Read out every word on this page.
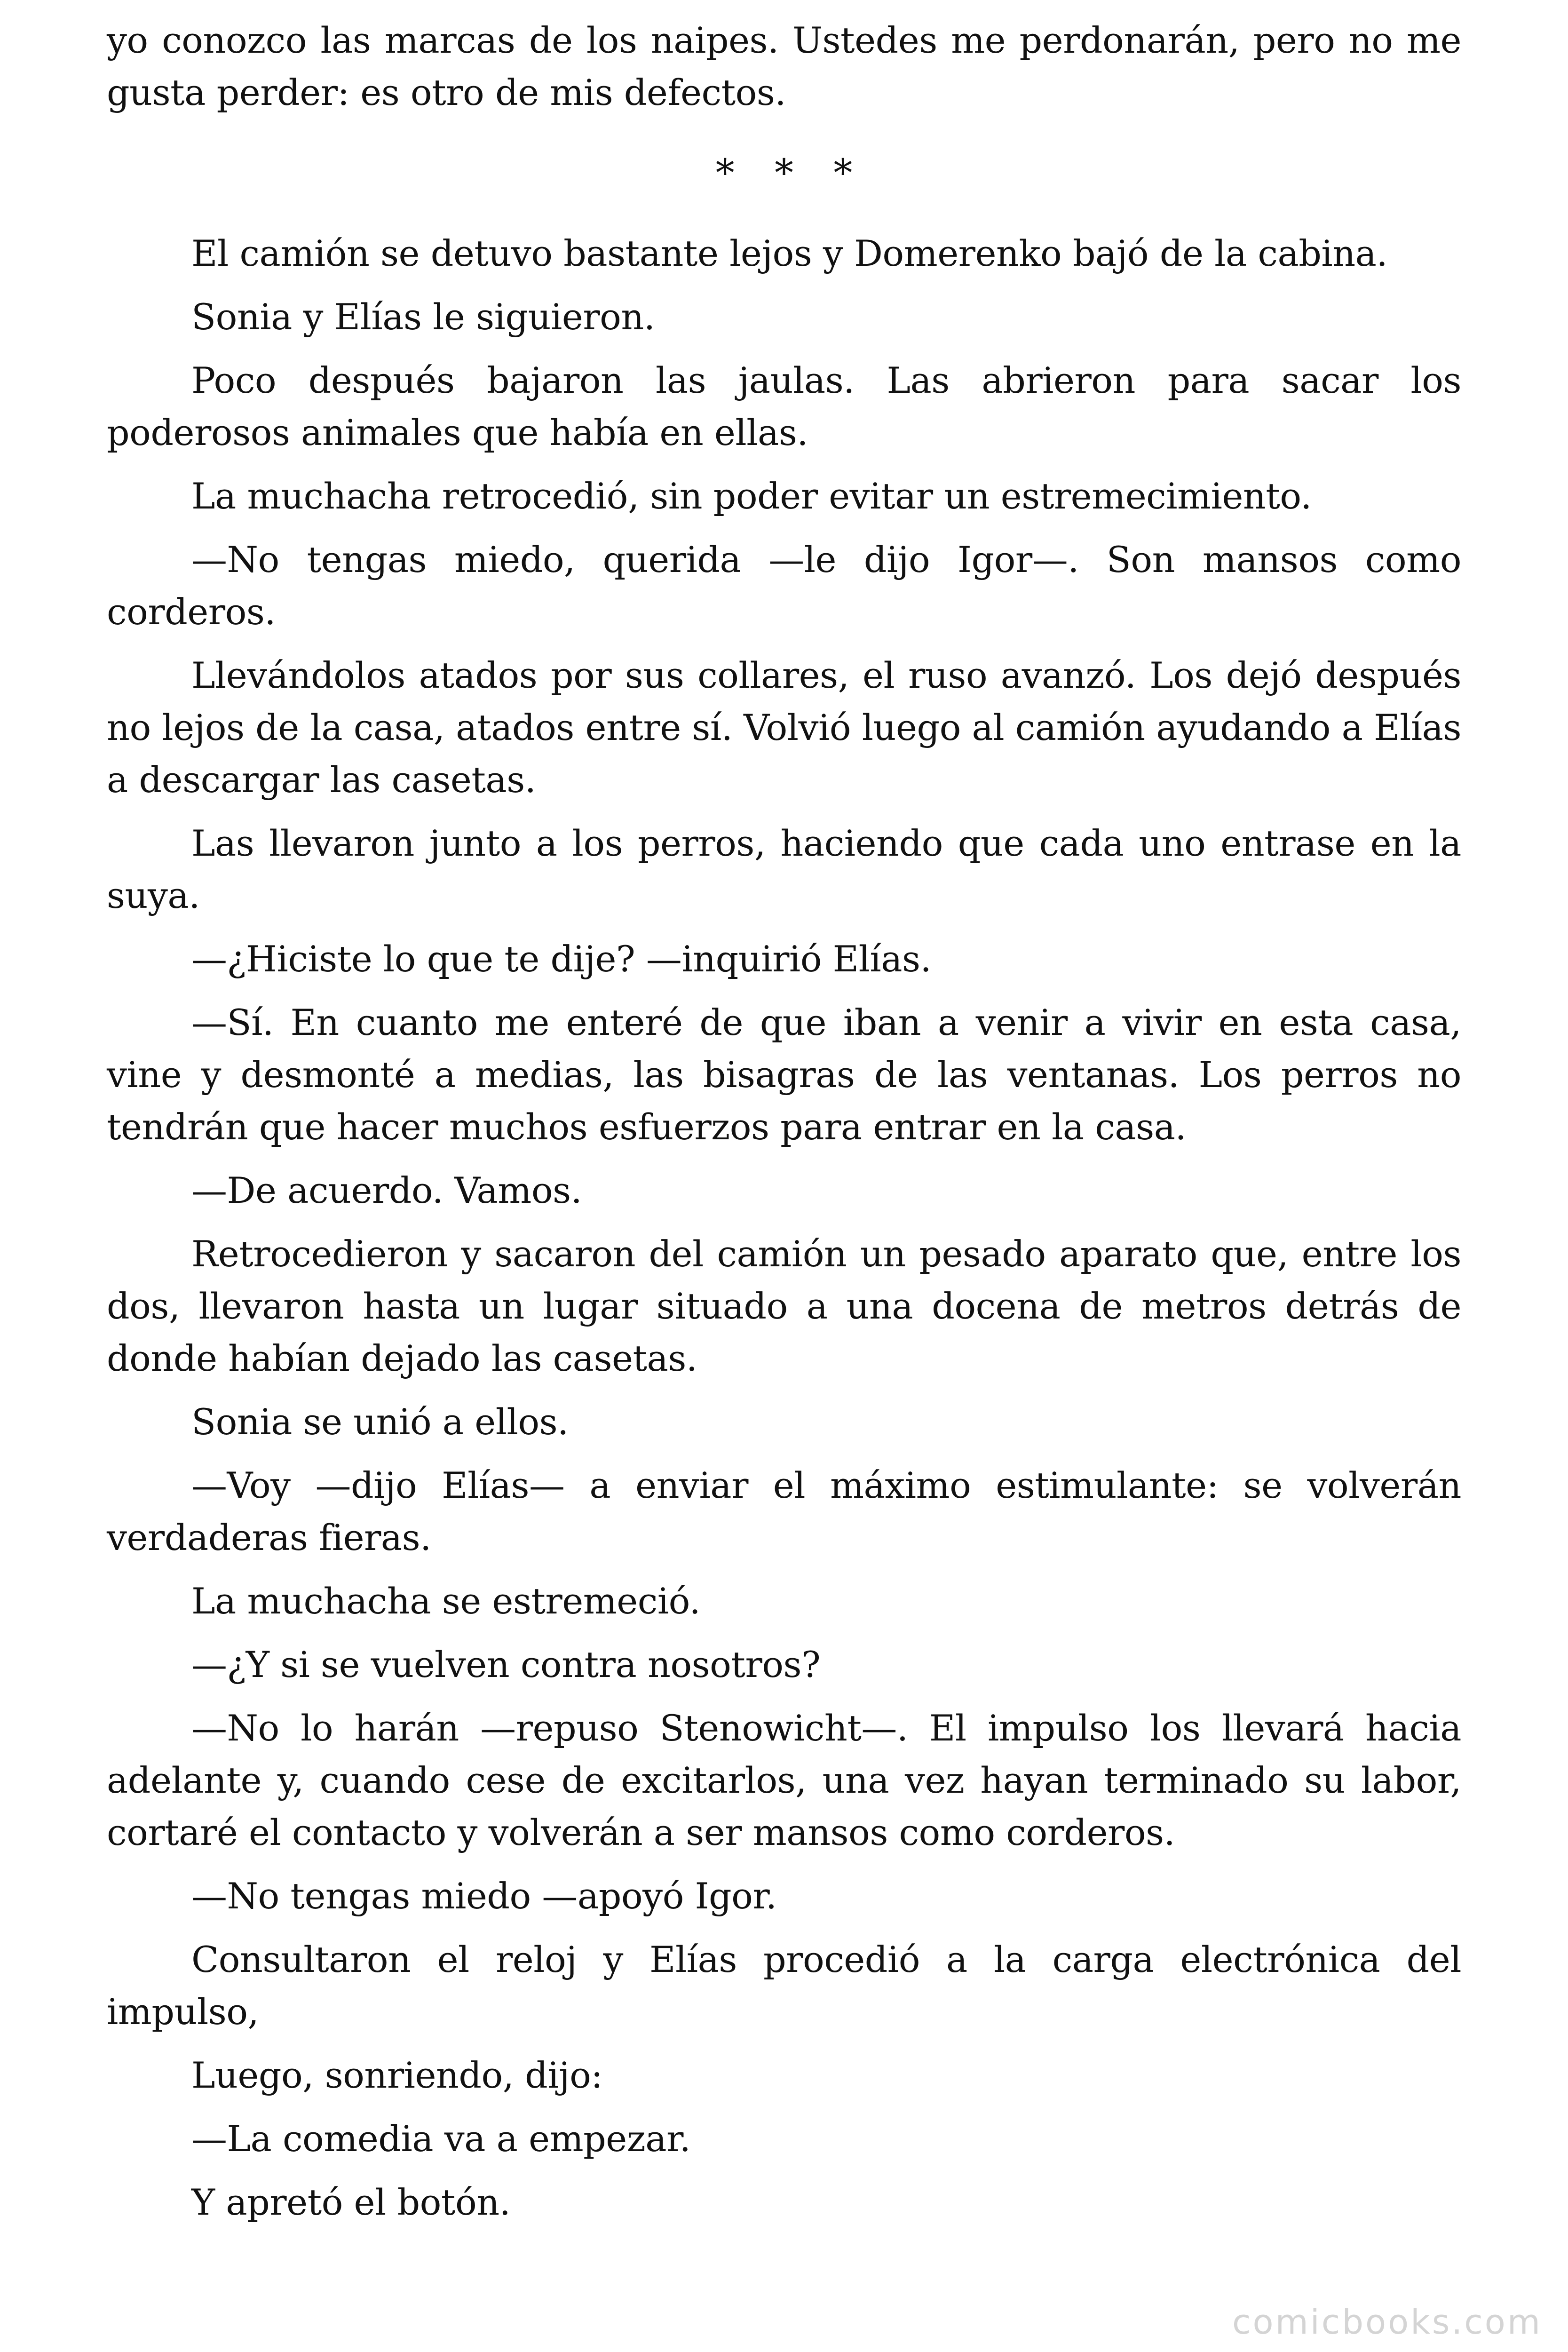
yo conozco las marcas de los naipes. Ustedes me perdonarán, pero no me gusta perder: es otro de mis defectos.

* * *

El camión se detuvo bastante lejos y Domerenko bajó de la cabina.

Sonia y Elías le siguieron.

Poco después bajaron las jaulas. Las abrieron para sacar los poderosos animales que había en ellas.

La muchacha retrocedió, sin poder evitar un estremecimiento.

—No tengas miedo, querida —le dijo Igor—. Son mansos como corderos.

Llevándolos atados por sus collares, el ruso avanzó. Los dejó después no lejos de la casa, atados entre sí. Volvió luego al camión ayudando a Elías a descargar las casetas.

Las llevaron junto a los perros, haciendo que cada uno entrase en la suya.

—¿Hiciste lo que te dije? —inquirió Elías.

—Sí. En cuanto me enteré de que iban a venir a vivir en esta casa, vine y desmonté a medias, las bisagras de las ventanas. Los perros no tendrán que hacer muchos esfuerzos para entrar en la casa.

—De acuerdo. Vamos.

Retrocedieron y sacaron del camión un pesado aparato que, entre los dos, llevaron hasta un lugar situado a una docena de metros detrás de donde habían dejado las casetas.

Sonia se unió a ellos.

—Voy —dijo Elías— a enviar el máximo estimulante: se volverán verdaderas fieras.

La muchacha se estremeció.

—¿Y si se vuelven contra nosotros?

—No lo harán —repuso Stenowicht—. El impulso los llevará hacia adelante y, cuando cese de excitarlos, una vez hayan terminado su labor, cortaré el contacto y volverán a ser mansos como corderos.

—No tengas miedo —apoyó Igor.

Consultaron el reloj y Elías procedió a la carga electrónica del impulso,

Luego, sonriendo, dijo:

—La comedia va a empezar.

Y apretó el botón.

comicbooks.com
